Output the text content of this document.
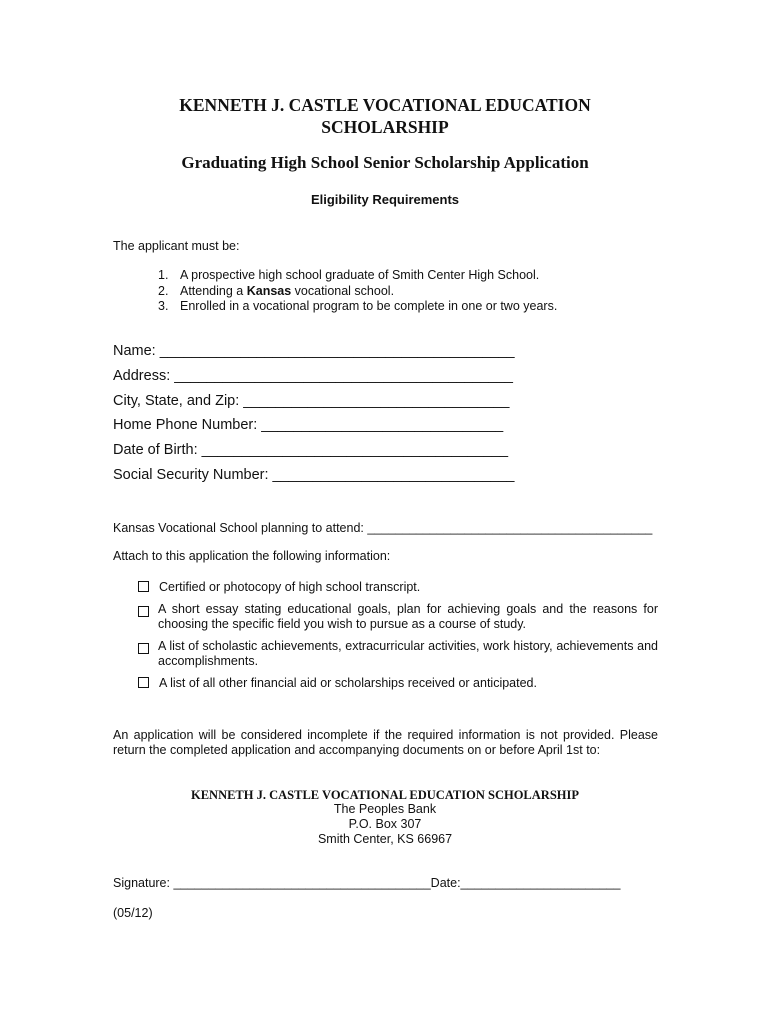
KENNETH J. CASTLE VOCATIONAL EDUCATION
SCHOLARSHIP
Graduating High School Senior Scholarship Application
Eligibility Requirements
The applicant must be:
1. A prospective high school graduate of Smith Center High School.
2. Attending a Kansas vocational school.
3. Enrolled in a vocational program to be complete in one or two years.
Name: ____________________________________________
Address: __________________________________________
City, State, and Zip: _________________________________
Home Phone Number: ______________________________
Date of Birth: ______________________________________
Social Security Number: ______________________________
Kansas Vocational School planning to attend: _________________________________________
Attach to this application the following information:
Certified or photocopy of high school transcript.
A short essay stating educational goals, plan for achieving goals and the reasons for choosing the specific field you wish to pursue as a course of study.
A list of scholastic achievements, extracurricular activities, work history, achievements and accomplishments.
A list of all other financial aid or scholarships received or anticipated.
An application will be considered incomplete if the required information is not provided. Please return the completed application and accompanying documents on or before April 1st to:
KENNETH J. CASTLE VOCATIONAL EDUCATION SCHOLARSHIP
The Peoples Bank
P.O. Box 307
Smith Center, KS 66967
Signature: _____________________________________Date:_______________________
(05/12)
